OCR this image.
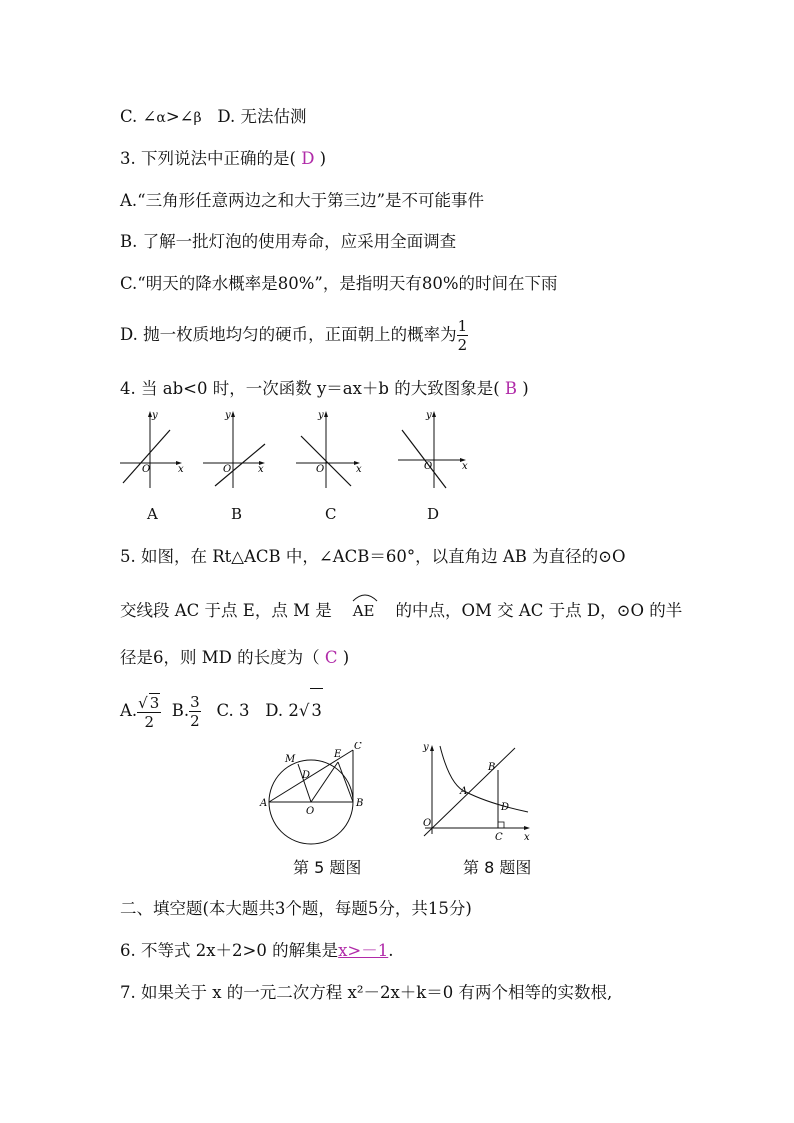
C. ∠α>∠β D. 无法估测
3. 下列说法中正确的是( D )
A.“三角形任意两边之和大于第三边”是不可能事件
B. 了解一批灯泡的使用寿命，应采用全面调查
C.“明天的降水概率是80%”，是指明天有80%的时间在下雨
D. 抛一枚质地均匀的硬币，正面朝上的概率为 $\frac{1}{2}$
4. 当 ab<0 时，一次函数 y＝ax＋b 的大致图象是( B )
O	x
y
O	x
y
O	x
y
O	x
y
A	B	C	D
5. 如图，在 Rt△ACB 中，∠ACB＝60°，以直角边 AB 为直径的⊙O
交线段 AC 于点 E，点 M 是 AE 的中点，OM 交 AC 于点 D，⊙O 的半
径是6，则 MD 的长度为（ C )
A. $\frac{√ 3}{2} B$. $\frac{3}{2} C$. 3 D. 2√ 3
M	E
C
D
A
O
B
y
B
A
D
O
C x
第 5 题图	第 8 题图
二、填空题(本大题共3个题，每题5分，共15分)
6. 不等式 2x＋2>0 的解集是x>－1.
7. 如果关于 x 的一元二次方程 x²－2x＋k＝0 有两个相等的实数根,
